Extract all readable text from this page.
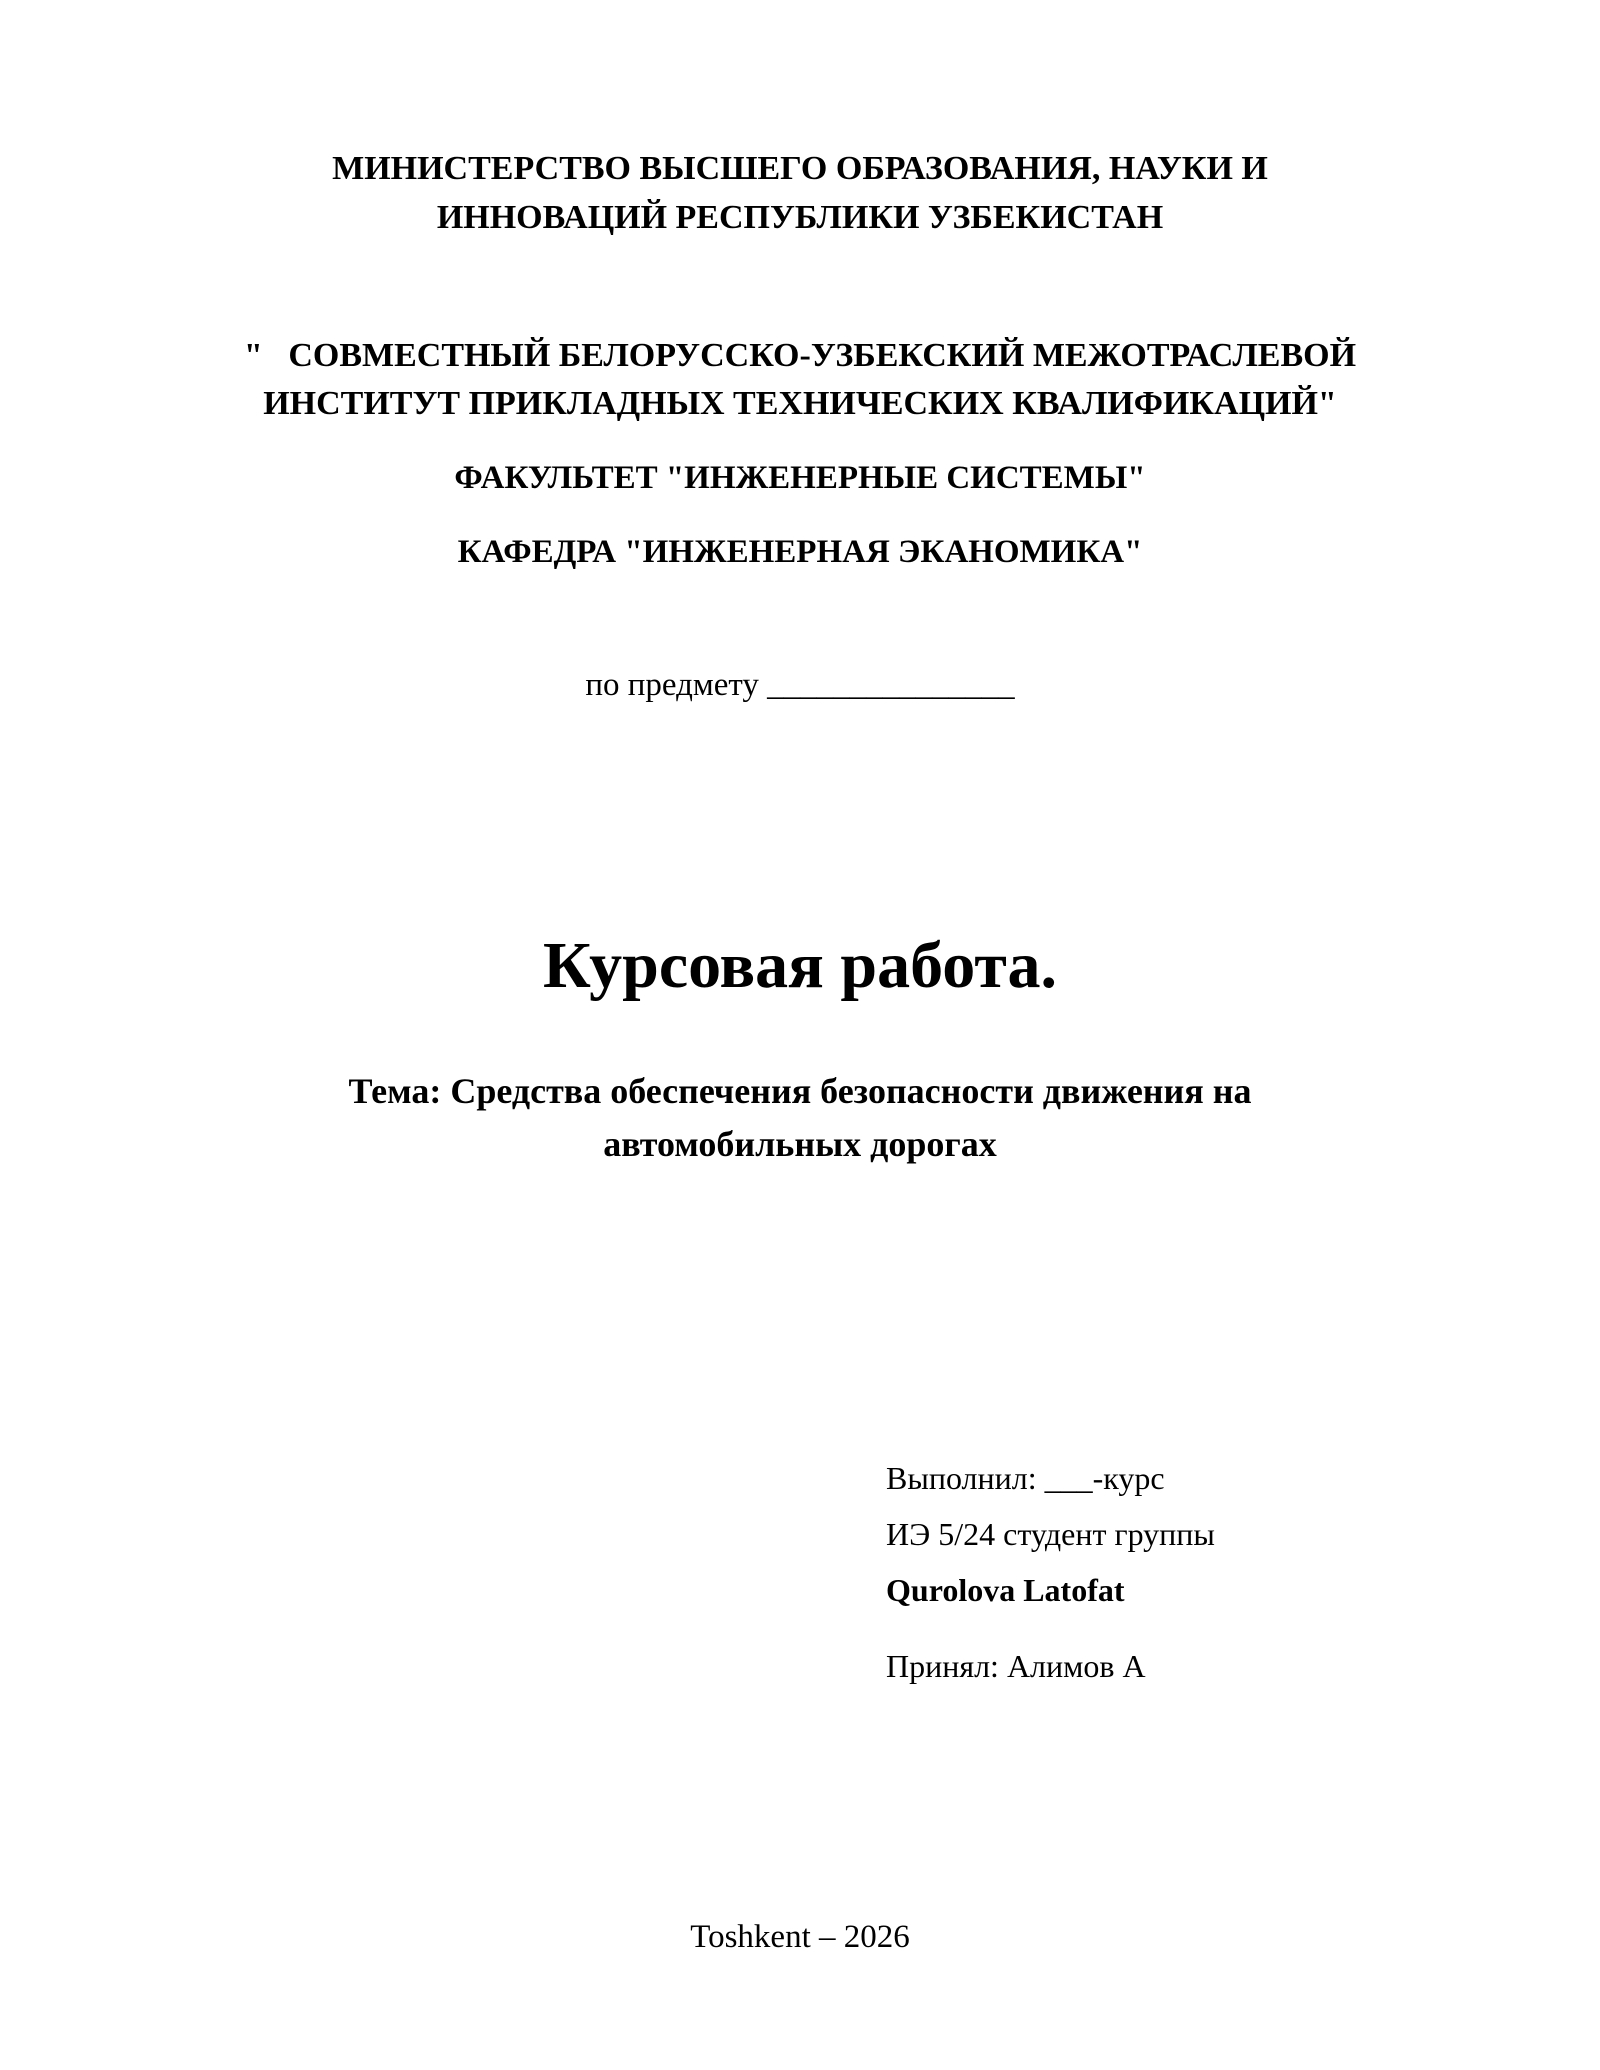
МИНИСТЕРСТВО ВЫСШЕГО ОБРАЗОВАНИЯ, НАУКИ И

ИННОВАЦИЙ РЕСПУБЛИКИ УЗБЕКИСТАН

" СОВМЕСТНЫЙ БЕЛОРУССКО-УЗБЕКСКИЙ МЕЖОТРАСЛЕВОЙ

ИНСТИТУТ ПРИКЛАДНЫХ ТЕХНИЧЕСКИХ КВАЛИФИКАЦИЙ"

ФАКУЛЬТЕТ "ИНЖЕНЕРНЫЕ СИСТЕМЫ"

КАФЕДРА "ИНЖЕНЕРНАЯ ЭКАНОМИКА"

по предмету _______________

Курсовая работа.

Тема: Средства обеспечения безопасности движения на

автомобильных дорогах

Выполнил: ___-курс

ИЭ 5/24 студент группы

Qurolova Latofat

Принял: Алимов А

Toshkent – 2026
